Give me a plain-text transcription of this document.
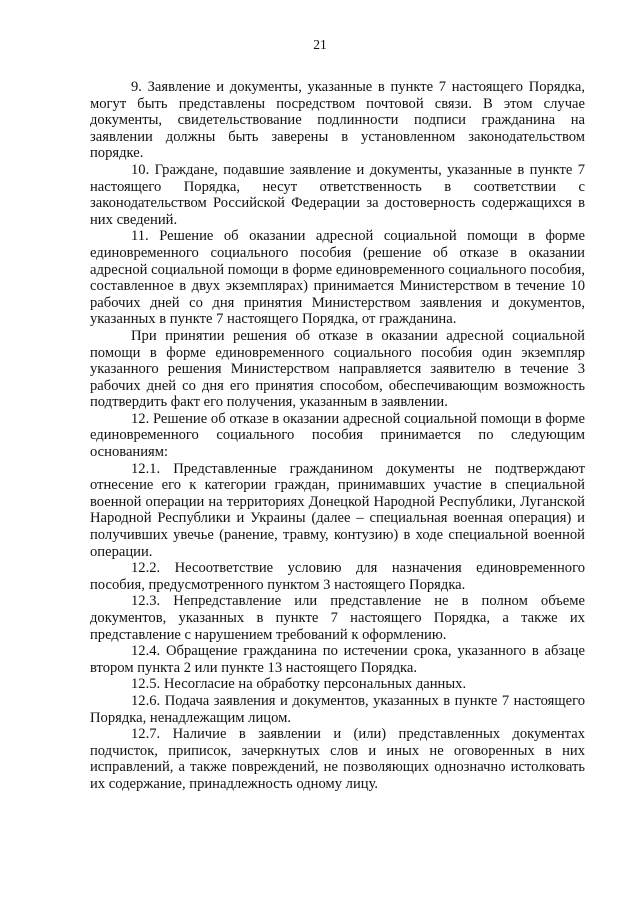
21

9. Заявление и документы, указанные в пункте 7 настоящего Порядка, могут быть представлены посредством почтовой связи. В этом случае документы, свидетельствование подлинности подписи гражданина на заявлении должны быть заверены в установленном законодательством порядке.

10. Граждане, подавшие заявление и документы, указанные в пункте 7 настоящего Порядка, несут ответственность в соответствии с законодательством Российской Федерации за достоверность содержащихся в них сведений.

11. Решение об оказании адресной социальной помощи в форме единовременного социального пособия (решение об отказе в оказании адресной социальной помощи в форме единовременного социального пособия, составленное в двух экземплярах) принимается Министерством в течение 10 рабочих дней со дня принятия Министерством заявления и документов, указанных в пункте 7 настоящего Порядка, от гражданина.

При принятии решения об отказе в оказании адресной социальной помощи в форме единовременного социального пособия один экземпляр указанного решения Министерством направляется заявителю в течение 3 рабочих дней со дня его принятия способом, обеспечивающим возможность подтвердить факт его получения, указанным в заявлении.

12. Решение об отказе в оказании адресной социальной помощи в форме единовременного социального пособия принимается по следующим основаниям:

12.1. Представленные гражданином документы не подтверждают отнесение его к категории граждан, принимавших участие в специальной военной операции на территориях Донецкой Народной Республики, Луганской Народной Республики и Украины (далее – специальная военная операция) и получивших увечье (ранение, травму, контузию) в ходе специальной военной операции.

12.2. Несоответствие условию для назначения единовременного пособия, предусмотренного пунктом 3 настоящего Порядка.

12.3. Непредставление или представление не в полном объеме документов, указанных в пункте 7 настоящего Порядка, а также их представление с нарушением требований к оформлению.

12.4. Обращение гражданина по истечении срока, указанного в абзаце втором пункта 2 или пункте 13 настоящего Порядка.

12.5. Несогласие на обработку персональных данных.

12.6. Подача заявления и документов, указанных в пункте 7 настоящего Порядка, ненадлежащим лицом.

12.7. Наличие в заявлении и (или) представленных документах подчисток, приписок, зачеркнутых слов и иных не оговоренных в них исправлений, а также повреждений, не позволяющих однозначно истолковать их содержание, принадлежность одному лицу.
